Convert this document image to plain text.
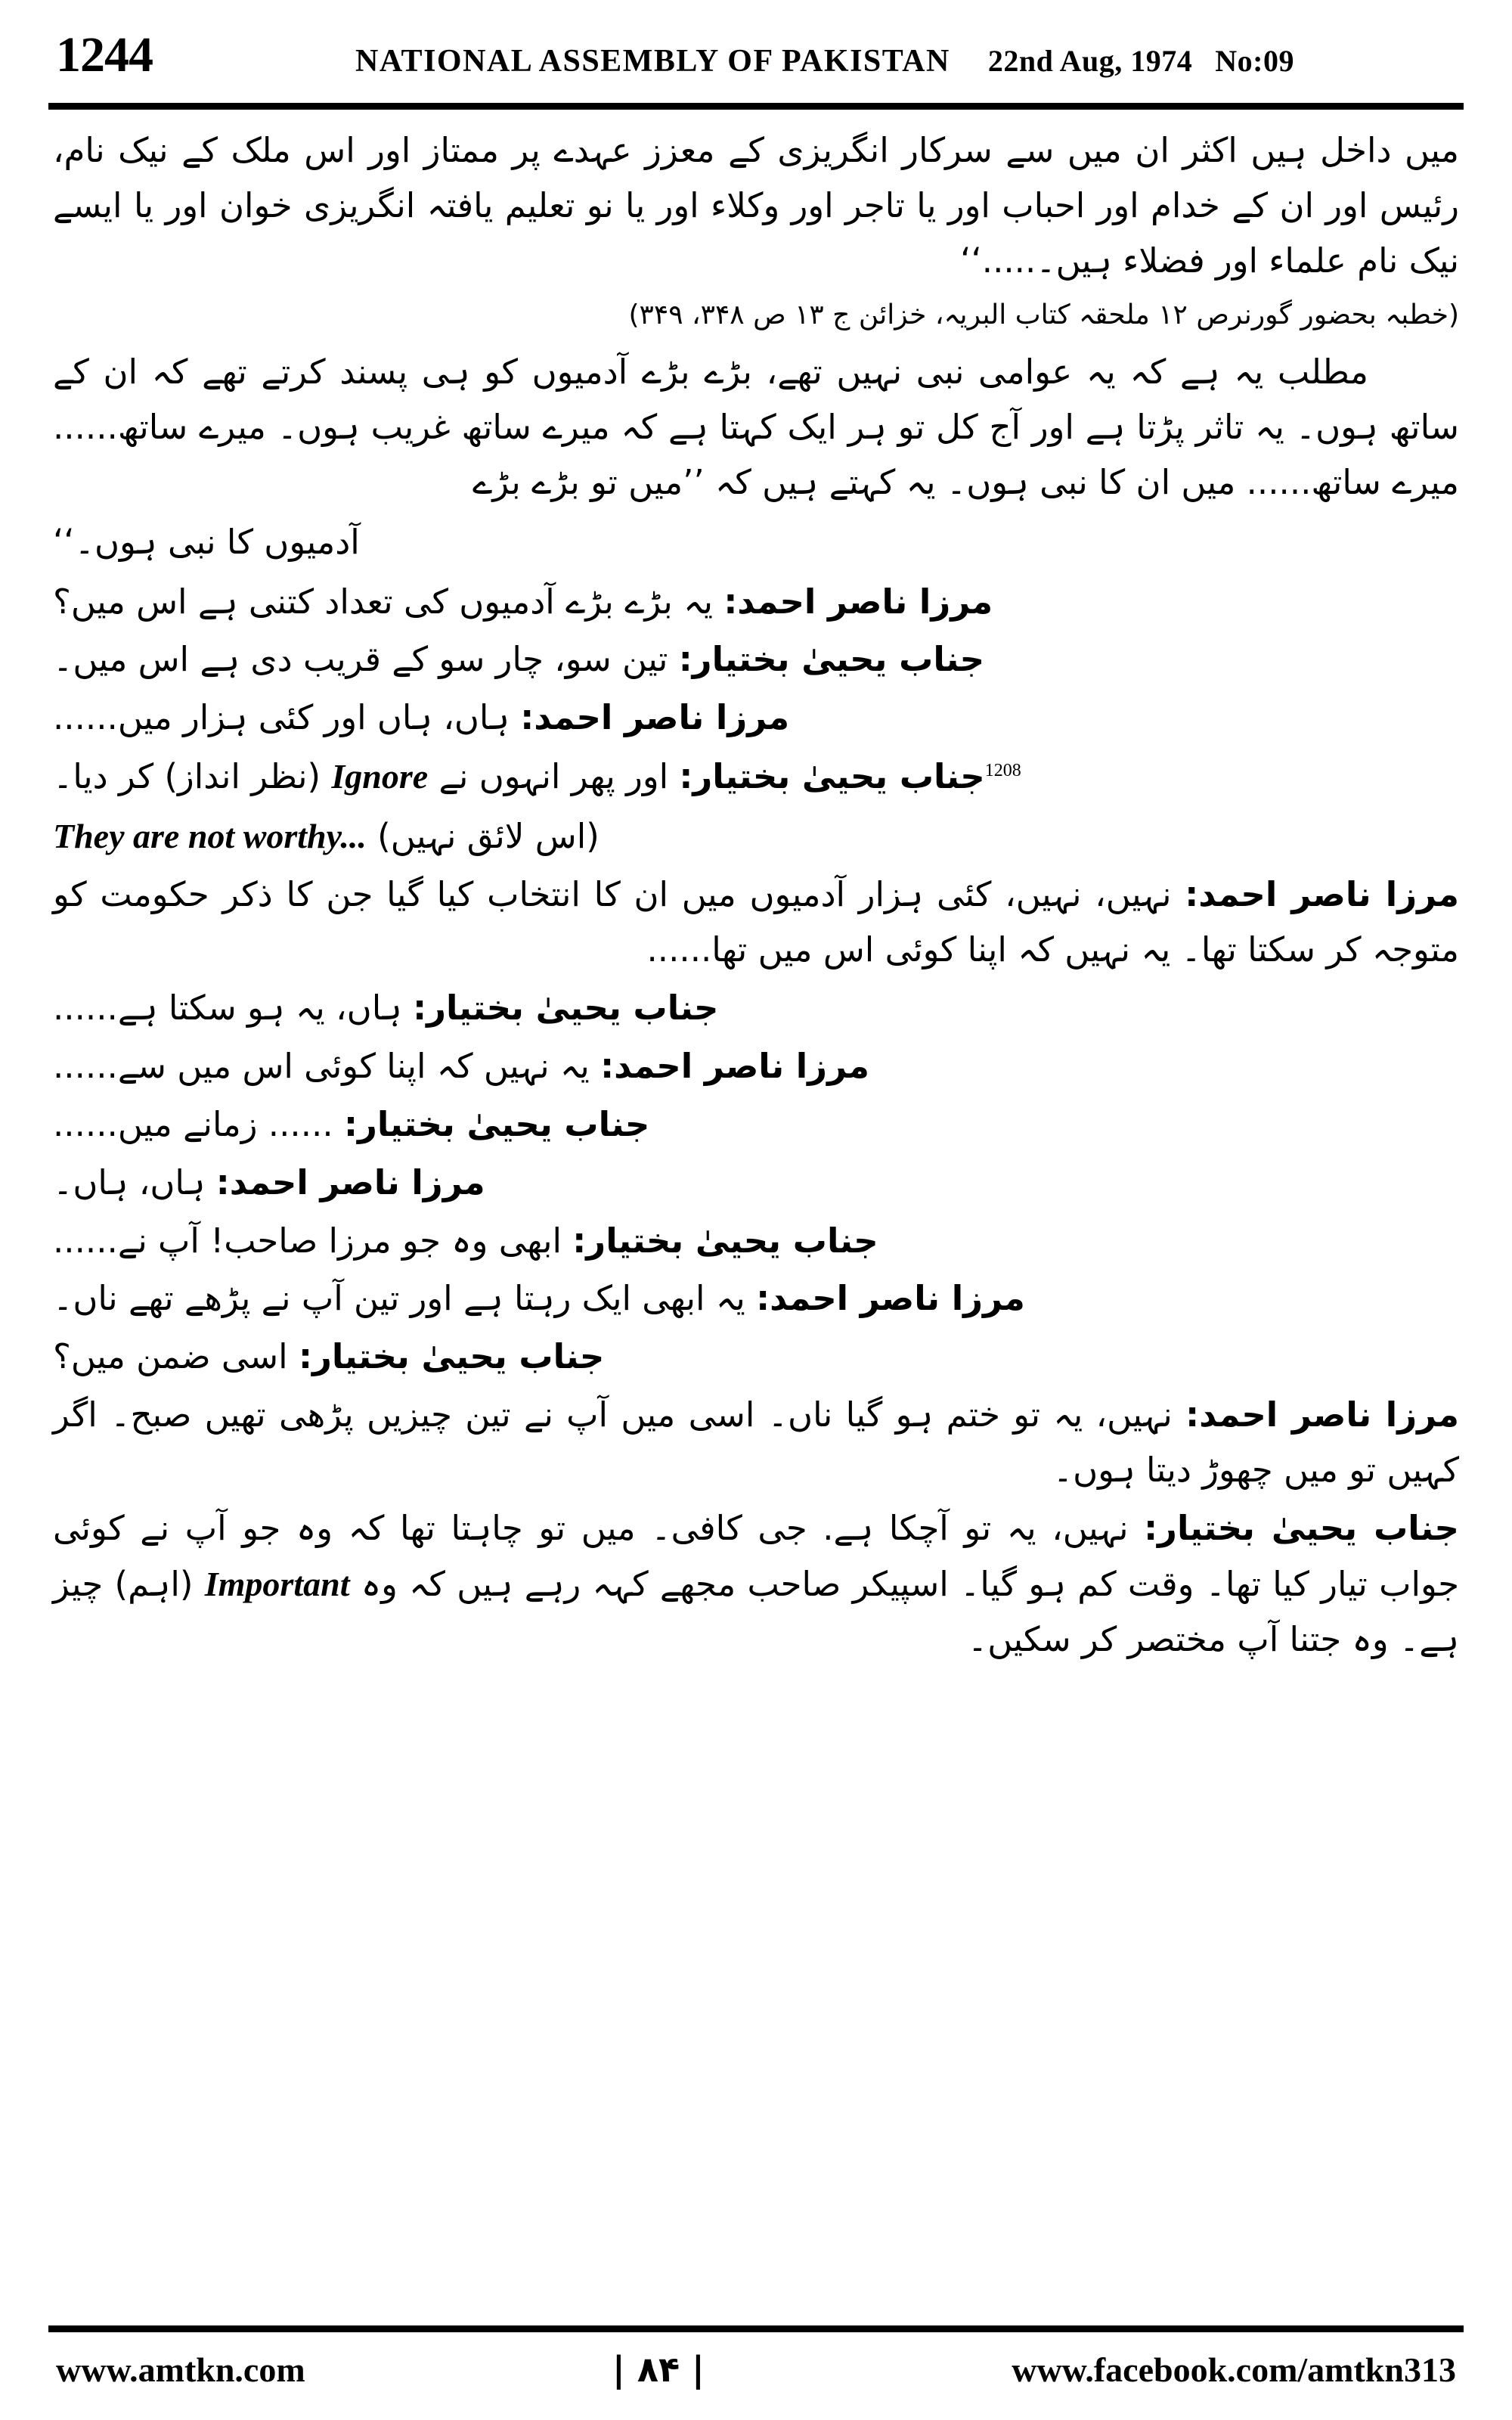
1244	NATIONAL ASSEMBLY OF PAKISTAN 22nd Aug, 1974 No:09

میں داخل ہیں اکثر ان میں سے سرکار انگریزی کے معزز عہدے پر ممتاز اور اس ملک کے نیک نام، رئیس اور ان کے خدام اور احباب اور یا تاجر اور وکلاء اور یا نو تعلیم یافتہ انگریزی خوان اور یا ایسے نیک نام علماء اور فضلاء ہیں۔.....‘‘

(خطبہ بحضور گورنرص ۱۲ ملحقہ کتاب البریہ، خزائن ج ۱۳ ص ۳۴۸، ۳۴۹)

مطلب یہ ہے کہ یہ عوامی نبی نہیں تھے، بڑے بڑے آدمیوں کو ہی پسند کرتے تھے کہ ان کے ساتھ ہوں۔ یہ تاثر پڑتا ہے اور آج کل تو ہر ایک کہتا ہے کہ میرے ساتھ غریب ہوں۔ میرے ساتھ...... میرے ساتھ...... میں ان کا نبی ہوں۔ یہ کہتے ہیں کہ ’’میں تو بڑے بڑے

آدمیوں کا نبی ہوں۔‘‘

مرزا ناصر احمد: یہ بڑے بڑے آدمیوں کی تعداد کتنی ہے اس میں؟

جناب یحییٰ بختیار: تین سو، چار سو کے قریب دی ہے اس میں۔

مرزا ناصر احمد: ہاں، ہاں اور کئی ہزار میں......

$^{1208}$جناب یحییٰ بختیار: اور پھر انہوں نے Ignore (نظر انداز) کر دیا۔

(اس لائق نہیں) They are not worthy...

مرزا ناصر احمد: نہیں، نہیں، کئی ہزار آدمیوں میں ان کا انتخاب کیا گیا جن کا ذکر حکومت کو متوجہ کر سکتا تھا۔ یہ نہیں کہ اپنا کوئی اس میں تھا......

جناب یحییٰ بختیار: ہاں، یہ ہو سکتا ہے......

مرزا ناصر احمد: یہ نہیں کہ اپنا کوئی اس میں سے......

جناب یحییٰ بختیار: ...... زمانے میں......

مرزا ناصر احمد: ہاں، ہاں۔

جناب یحییٰ بختیار: ابھی وہ جو مرزا صاحب! آپ نے......

مرزا ناصر احمد: یہ ابھی ایک رہتا ہے اور تین آپ نے پڑھے تھے ناں۔

جناب یحییٰ بختیار: اسی ضمن میں؟

مرزا ناصر احمد: نہیں، یہ تو ختم ہو گیا ناں۔ اسی میں آپ نے تین چیزیں پڑھی تھیں صبح۔ اگر کہیں تو میں چھوڑ دیتا ہوں۔

جناب یحییٰ بختیار: نہیں، یہ تو آچکا ہے. جی کافی۔ میں تو چاہتا تھا کہ وہ جو آپ نے کوئی جواب تیار کیا تھا۔ وقت کم ہو گیا۔ اسپیکر صاحب مجھے کہہ رہے ہیں کہ وہ Important (اہم) چیز ہے۔ وہ جتنا آپ مختصر کر سکیں۔

www.amtkn.com	| ۸۴ |	www.facebook.com/amtkn313
